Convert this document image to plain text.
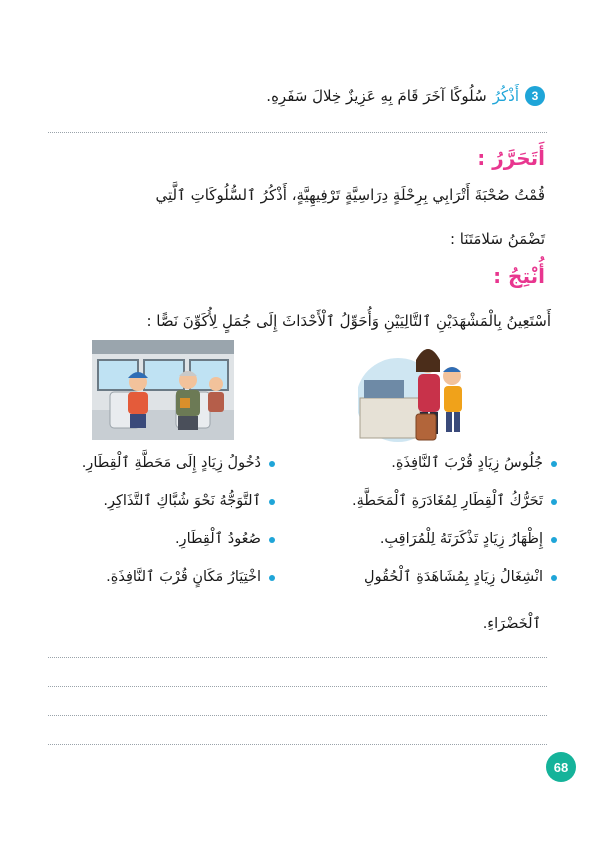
3
أَذْكُرُ
سُلُوكًا آخَرَ قَامَ بِهِ عَزِيزٌ خِلالَ سَفَرِهِ.
أَتَحَرَّرُ :
قُمْتُ صُحْبَةَ أَتْرَابِي بِرِحْلَةٍ دِرَاسِيَّةٍ تَرْفِيهِيَّةٍ، أَذْكُرُ ٱلسُّلُوكَاتِ ٱلَّتِي
تَضْمَنُ سَلامَتَنَا :
أُنْتِجُ :
أَسْتَعِينُ بِالْمَشْهَدَيْنِ ٱلتَّالِيَيْنِ وَأُحَوِّلُ ٱلْأَحْدَاثَ إِلَى جُمَلٍ لِأُكَوِّنَ نَصًّا :
جُلُوسُ زِيَادٍ قُرْبَ ٱلنَّافِذَةِ.
تَحَرُّكُ ٱلْقِطَارِ لِمُغَادَرَةِ ٱلْمَحَطَّةِ.
إِظْهَارُ زِيَادٍ تَذْكَرَتَهُ لِلْمُرَاقِبِ.
انْشِغَالُ زِيَادٍ بِمُشَاهَدَةِ ٱلْحُقُولِ
ٱلْخَضْرَاءِ.
دُخُولُ زِيَادٍ إِلَى مَحَطَّةِ ٱلْقِطَارِ.
ٱلتَّوَجُّهُ نَحْوَ شُبَّاكِ ٱلتَّذَاكِرِ.
صُعُودُ ٱلْقِطَارِ.
اخْتِيَارُ مَكَانٍ قُرْبَ ٱلنَّافِذَةِ.
68
